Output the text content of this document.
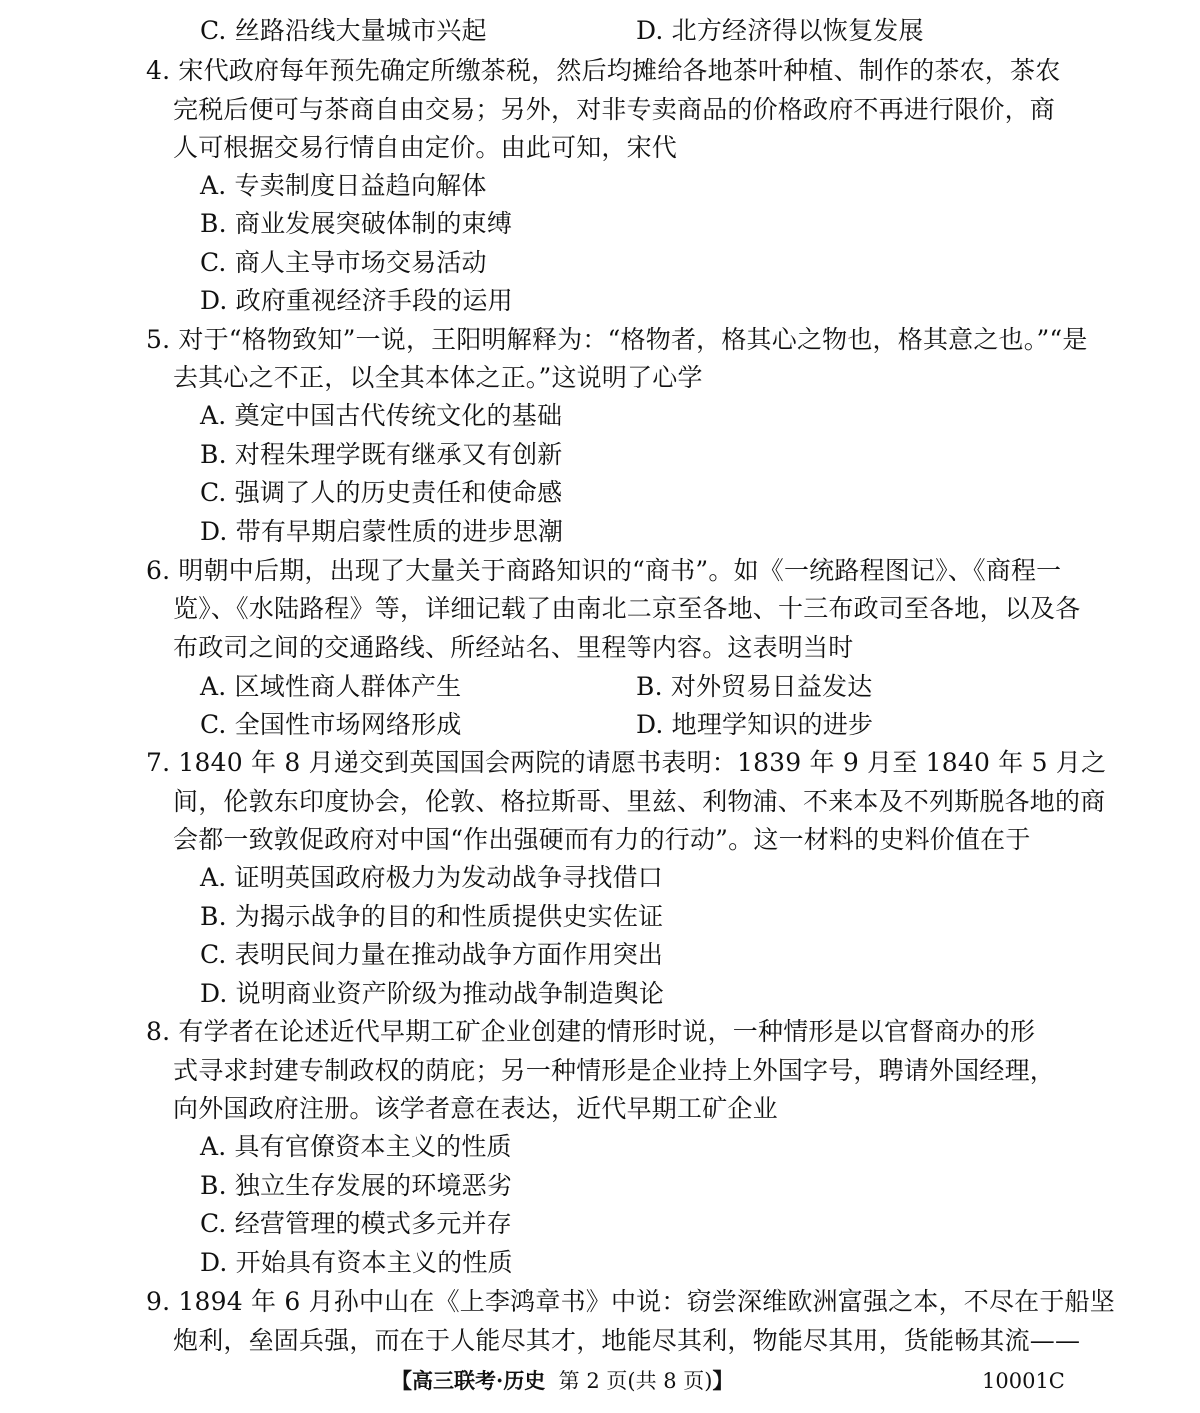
C. 丝路沿线大量城市兴起	D. 北方经济得以恢复发展
4. 宋代政府每年预先确定所缴茶税，然后均摊给各地茶叶种植、制作的茶农，茶农
完税后便可与茶商自由交易；另外，对非专卖商品的价格政府不再进行限价，商
人可根据交易行情自由定价。由此可知，宋代
A. 专卖制度日益趋向解体
B. 商业发展突破体制的束缚
C. 商人主导市场交易活动
D. 政府重视经济手段的运用
5. 对于“格物致知”一说，王阳明解释为：“格物者，格其心之物也，格其意之也。”“是
去其心之不正，以全其本体之正。”这说明了心学
A. 奠定中国古代传统文化的基础
B. 对程朱理学既有继承又有创新
C. 强调了人的历史责任和使命感
D. 带有早期启蒙性质的进步思潮
6. 明朝中后期，出现了大量关于商路知识的“商书”。如《一统路程图记》、《商程一
览》、《水陆路程》等，详细记载了由南北二京至各地、十三布政司至各地，以及各
布政司之间的交通路线、所经站名、里程等内容。这表明当时
A. 区域性商人群体产生	B. 对外贸易日益发达
C. 全国性市场网络形成	D. 地理学知识的进步
7. 1840 年 8 月递交到英国国会两院的请愿书表明：1839 年 9 月至 1840 年 5 月之
间，伦敦东印度协会，伦敦、格拉斯哥、里兹、利物浦、不来本及不列斯脱各地的商
会都一致敦促政府对中国“作出强硬而有力的行动”。这一材料的史料价值在于
A. 证明英国政府极力为发动战争寻找借口
B. 为揭示战争的目的和性质提供史实佐证
C. 表明民间力量在推动战争方面作用突出
D. 说明商业资产阶级为推动战争制造舆论
8. 有学者在论述近代早期工矿企业创建的情形时说，一种情形是以官督商办的形
式寻求封建专制政权的荫庇；另一种情形是企业持上外国字号，聘请外国经理，
向外国政府注册。该学者意在表达，近代早期工矿企业
A. 具有官僚资本主义的性质
B. 独立生存发展的环境恶劣
C. 经营管理的模式多元并存
D. 开始具有资本主义的性质
9. 1894 年 6 月孙中山在《上李鸿章书》中说：窃尝深维欧洲富强之本，不尽在于船坚
炮利，垒固兵强，而在于人能尽其才，地能尽其利，物能尽其用，货能畅其流——
【高三联考·历史 第 2 页(共 8 页)】	10001C
